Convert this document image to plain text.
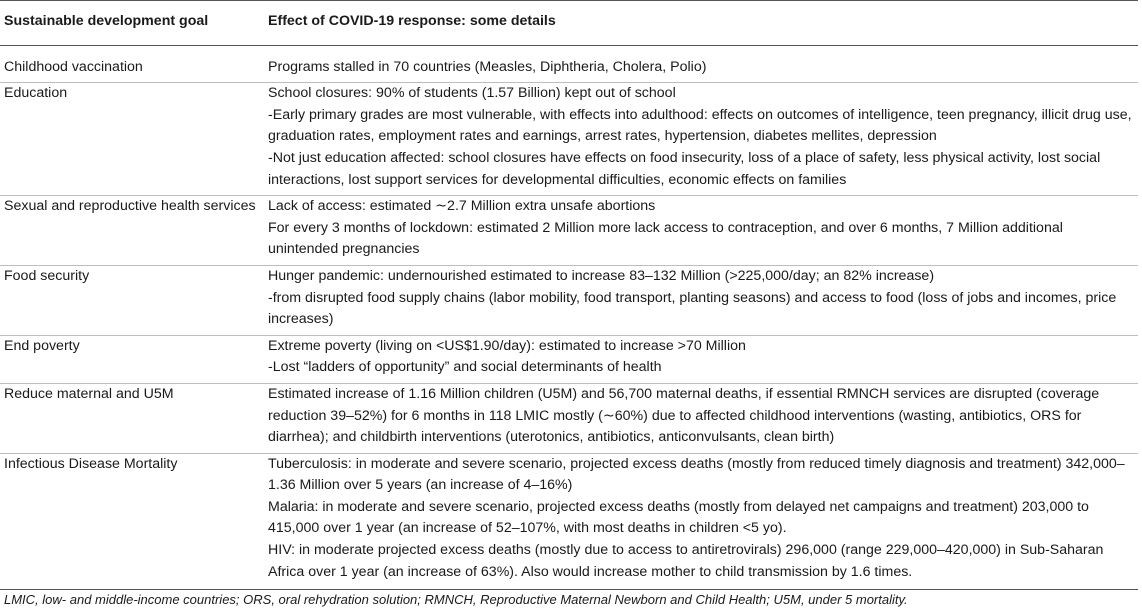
Sustainable development goal	Effect of COVID-19 response: some details
Childhood vaccination	Programs stalled in 70 countries (Measles, Diphtheria, Cholera, Polio)

Education	School closures: 90% of students (1.57 Billion) kept out of school
-Early primary grades are most vulnerable, with effects into adulthood: effects on outcomes of intelligence, teen pregnancy, illicit drug use, graduation rates, employment rates and earnings, arrest rates, hypertension, diabetes mellites, depression
-Not just education affected: school closures have effects on food insecurity, loss of a place of safety, less physical activity, lost social interactions, lost support services for developmental difficulties, economic effects on families

Sexual and reproductive health services	Lack of access: estimated ∼2.7 Million extra unsafe abortions
For every 3 months of lockdown: estimated 2 Million more lack access to contraception, and over 6 months, 7 Million additional unintended pregnancies

Food security	Hunger pandemic: undernourished estimated to increase 83–132 Million (>225,000/day; an 82% increase)
-from disrupted food supply chains (labor mobility, food transport, planting seasons) and access to food (loss of jobs and incomes, price increases)

End poverty	Extreme poverty (living on <US$1.90/day): estimated to increase >70 Million
-Lost “ladders of opportunity” and social determinants of health

Reduce maternal and U5M	Estimated increase of 1.16 Million children (U5M) and 56,700 maternal deaths, if essential RMNCH services are disrupted (coverage reduction 39–52%) for 6 months in 118 LMIC mostly (∼60%) due to affected childhood interventions (wasting, antibiotics, ORS for diarrhea); and childbirth interventions (uterotonics, antibiotics, anticonvulsants, clean birth)

Infectious Disease Mortality	Tuberculosis: in moderate and severe scenario, projected excess deaths (mostly from reduced timely diagnosis and treatment) 342,000–1.36 Million over 5 years (an increase of 4–16%)
Malaria: in moderate and severe scenario, projected excess deaths (mostly from delayed net campaigns and treatment) 203,000 to 415,000 over 1 year (an increase of 52–107%, with most deaths in children <5 yo).
HIV: in moderate projected excess deaths (mostly due to access to antiretrovirals) 296,000 (range 229,000–420,000) in Sub-Saharan Africa over 1 year (an increase of 63%). Also would increase mother to child transmission by 1.6 times.
LMIC, low- and middle-income countries; ORS, oral rehydration solution; RMNCH, Reproductive Maternal Newborn and Child Health; U5M, under 5 mortality.
